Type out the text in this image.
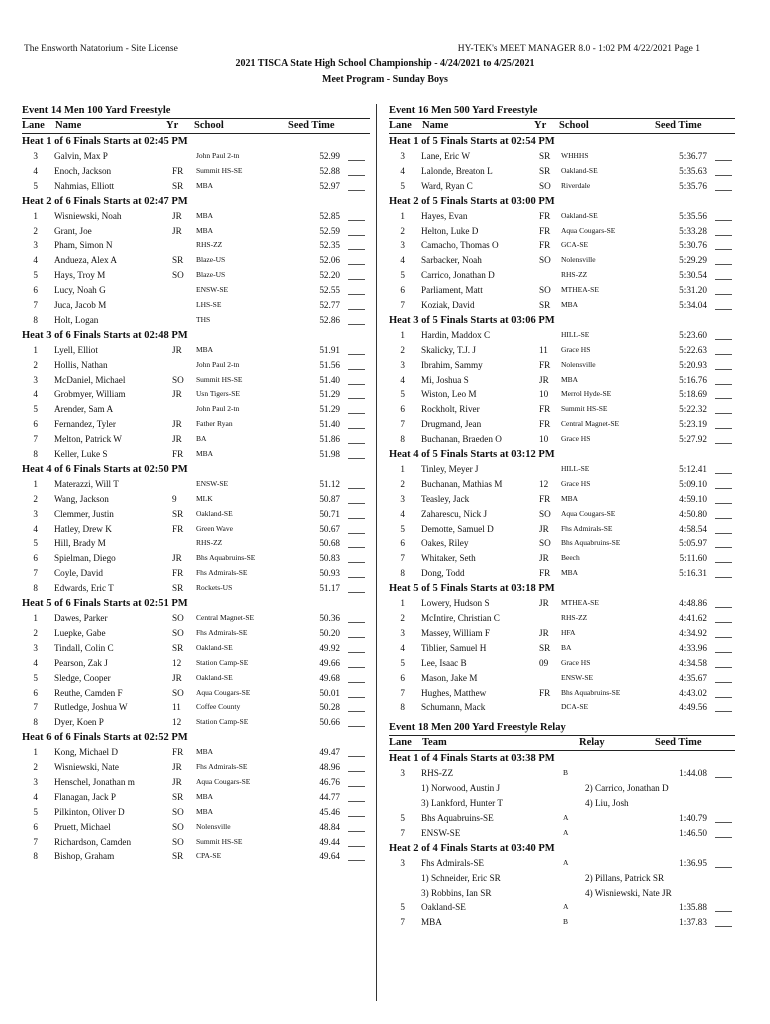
The Ensworth Natatorium - Site License	HY-TEK's MEET MANAGER 8.0 - 1:02 PM 4/22/2021 Page 1
2021 TISCA State High School Championship - 4/24/2021 to 4/25/2021
Meet Program - Sunday Boys
Event 14 Men 100 Yard Freestyle
Lane Name	Yr School	Seed Time
Heat 1 of 6 Finals Starts at 02:45 PM
3 Galvin, Max P	John Paul 2-tn	52.99
4 Enoch, Jackson	FR Summit HS-SE	52.88
5 Nahmias, Elliott	SR MBA	52.97
Heat 2 of 6 Finals Starts at 02:47 PM
1 Wisniewski, Noah	JR MBA	52.85
2 Grant, Joe	JR MBA	52.59
3 Pham, Simon N	RHS-ZZ	52.35
4 Andueza, Alex A	SR Blaze-US	52.06
5 Hays, Troy M	SO Blaze-US	52.20
6 Lucy, Noah G	ENSW-SE	52.55
7 Juca, Jacob M	LHS-SE	52.77
8 Holt, Logan	THS	52.86
Heat 3 of 6 Finals Starts at 02:48 PM
1 Lyell, Elliot	JR MBA	51.91
2 Hollis, Nathan	John Paul 2-tn	51.56
3 McDaniel, Michael	SO Summit HS-SE	51.40
4 Grobmyer, William	JR Usn Tigers-SE	51.29
5 Arender, Sam A	John Paul 2-tn	51.29
6 Fernandez, Tyler	JR Father Ryan	51.40
7 Melton, Patrick W	JR BA	51.86
8 Keller, Luke S	FR MBA	51.98
Heat 4 of 6 Finals Starts at 02:50 PM
1 Materazzi, Will T	ENSW-SE	51.12
2 Wang, Jackson	9	MLK	50.87
3 Clemmer, Justin	SR Oakland-SE	50.71
4 Hatley, Drew K	FR Green Wave	50.67
5 Hill, Brady M	RHS-ZZ	50.68
6 Spielman, Diego	JR Bhs Aquabruins-SE	50.83
7 Coyle, David	FR Fhs Admirals-SE	50.93
8 Edwards, Eric T	SR Rockets-US	51.17
Heat 5 of 6 Finals Starts at 02:51 PM
1 Dawes, Parker	SO Central Magnet-SE	50.36
2 Luepke, Gabe	SO Fhs Admirals-SE	50.20
3 Tindall, Colin C	SR Oakland-SE	49.92
4 Pearson, Zak J	12 Station Camp-SE	49.66
5 Sledge, Cooper	JR Oakland-SE	49.68
6 Reuthe, Camden F	SO Aqua Cougars-SE	50.01
7 Rutledge, Joshua W	11 Coffee County	50.28
8 Dyer, Koen P	12 Station Camp-SE	50.66
Heat 6 of 6 Finals Starts at 02:52 PM
1 Kong, Michael D	FR MBA	49.47
2 Wisniewski, Nate	JR Fhs Admirals-SE	48.96
3 Henschel, Jonathan m	JR Aqua Cougars-SE	46.76
4 Flanagan, Jack P	SR MBA	44.77
5 Pilkinton, Oliver D	SO MBA	45.46
6 Pruett, Michael	SO Nolensville	48.84
7 Richardson, Camden	SO Summit HS-SE	49.44
8 Bishop, Graham	SR CPA-SE	49.64
Event 16 Men 500 Yard Freestyle
Lane Name	Yr School	Seed Time
Heat 1 of 5 Finals Starts at 02:54 PM
3 Lane, Eric W	SR WHHHS	5:36.77
4 Lalonde, Breaton L	SR Oakland-SE	5:35.63
5 Ward, Ryan C	SO Riverdale	5:35.76
Heat 2 of 5 Finals Starts at 03:00 PM
1 Hayes, Evan	FR Oakland-SE	5:35.56
2 Helton, Luke D	FR Aqua Cougars-SE	5:33.28
3 Camacho, Thomas O	FR GCA-SE	5:30.76
4 Sarbacker, Noah	SO Nolensville	5:29.29
5 Carrico, Jonathan D	RHS-ZZ	5:30.54
6 Parliament, Matt	SO MTHEA-SE	5:31.20
7 Koziak, David	SR MBA	5:34.04
Heat 3 of 5 Finals Starts at 03:06 PM
1 Hardin, Maddox C	HILL-SE	5:23.60
2 Skalicky, T.J. J	11 Grace HS	5:22.63
3 Ibrahim, Sammy	FR Nolensville	5:20.93
4 Mi, Joshua S	JR MBA	5:16.76
5 Wiston, Leo M	10 Merrol Hyde-SE	5:18.69
6 Rockholt, River	FR Summit HS-SE	5:22.32
7 Drugmand, Jean	FR Central Magnet-SE	5:23.19
8 Buchanan, Braeden O	10 Grace HS	5:27.92
Heat 4 of 5 Finals Starts at 03:12 PM
1 Tinley, Meyer J	HILL-SE	5:12.41
2 Buchanan, Mathias M	12 Grace HS	5:09.10
3 Teasley, Jack	FR MBA	4:59.10
4 Zaharescu, Nick J	SO Aqua Cougars-SE	4:50.80
5 Demotte, Samuel D	JR Fhs Admirals-SE	4:58.54
6 Oakes, Riley	SO Bhs Aquabruins-SE	5:05.97
7 Whitaker, Seth	JR Beech	5:11.60
8 Dong, Todd	FR MBA	5:16.31
Heat 5 of 5 Finals Starts at 03:18 PM
1 Lowery, Hudson S	JR MTHEA-SE	4:48.86
2 McIntire, Christian C	RHS-ZZ	4:41.62
3 Massey, William F	JR HFA	4:34.92
4 Tiblier, Samuel H	SR BA	4:33.96
5 Lee, Isaac B	09 Grace HS	4:34.58
6 Mason, Jake M	ENSW-SE	4:35.67
7 Hughes, Matthew	FR Bhs Aquabruins-SE	4:43.02
8 Schumann, Mack	DCA-SE	4:49.56
Event 18 Men 200 Yard Freestyle Relay
Lane Team	Relay	Seed Time
Heat 1 of 4 Finals Starts at 03:38 PM
3 RHS-ZZ	B	1:44.08
1) Norwood, Austin J	2) Carrico, Jonathan D
3) Lankford, Hunter T	4) Liu, Josh
5 Bhs Aquabruins-SE	A	1:40.79
7 ENSW-SE	A	1:46.50
Heat 2 of 4 Finals Starts at 03:40 PM
3 Fhs Admirals-SE	A	1:36.95
1) Schneider, Eric SR	2) Pillans, Patrick SR
3) Robbins, Ian SR	4) Wisniewski, Nate JR
5 Oakland-SE	A	1:35.88
7 MBA	B	1:37.83
